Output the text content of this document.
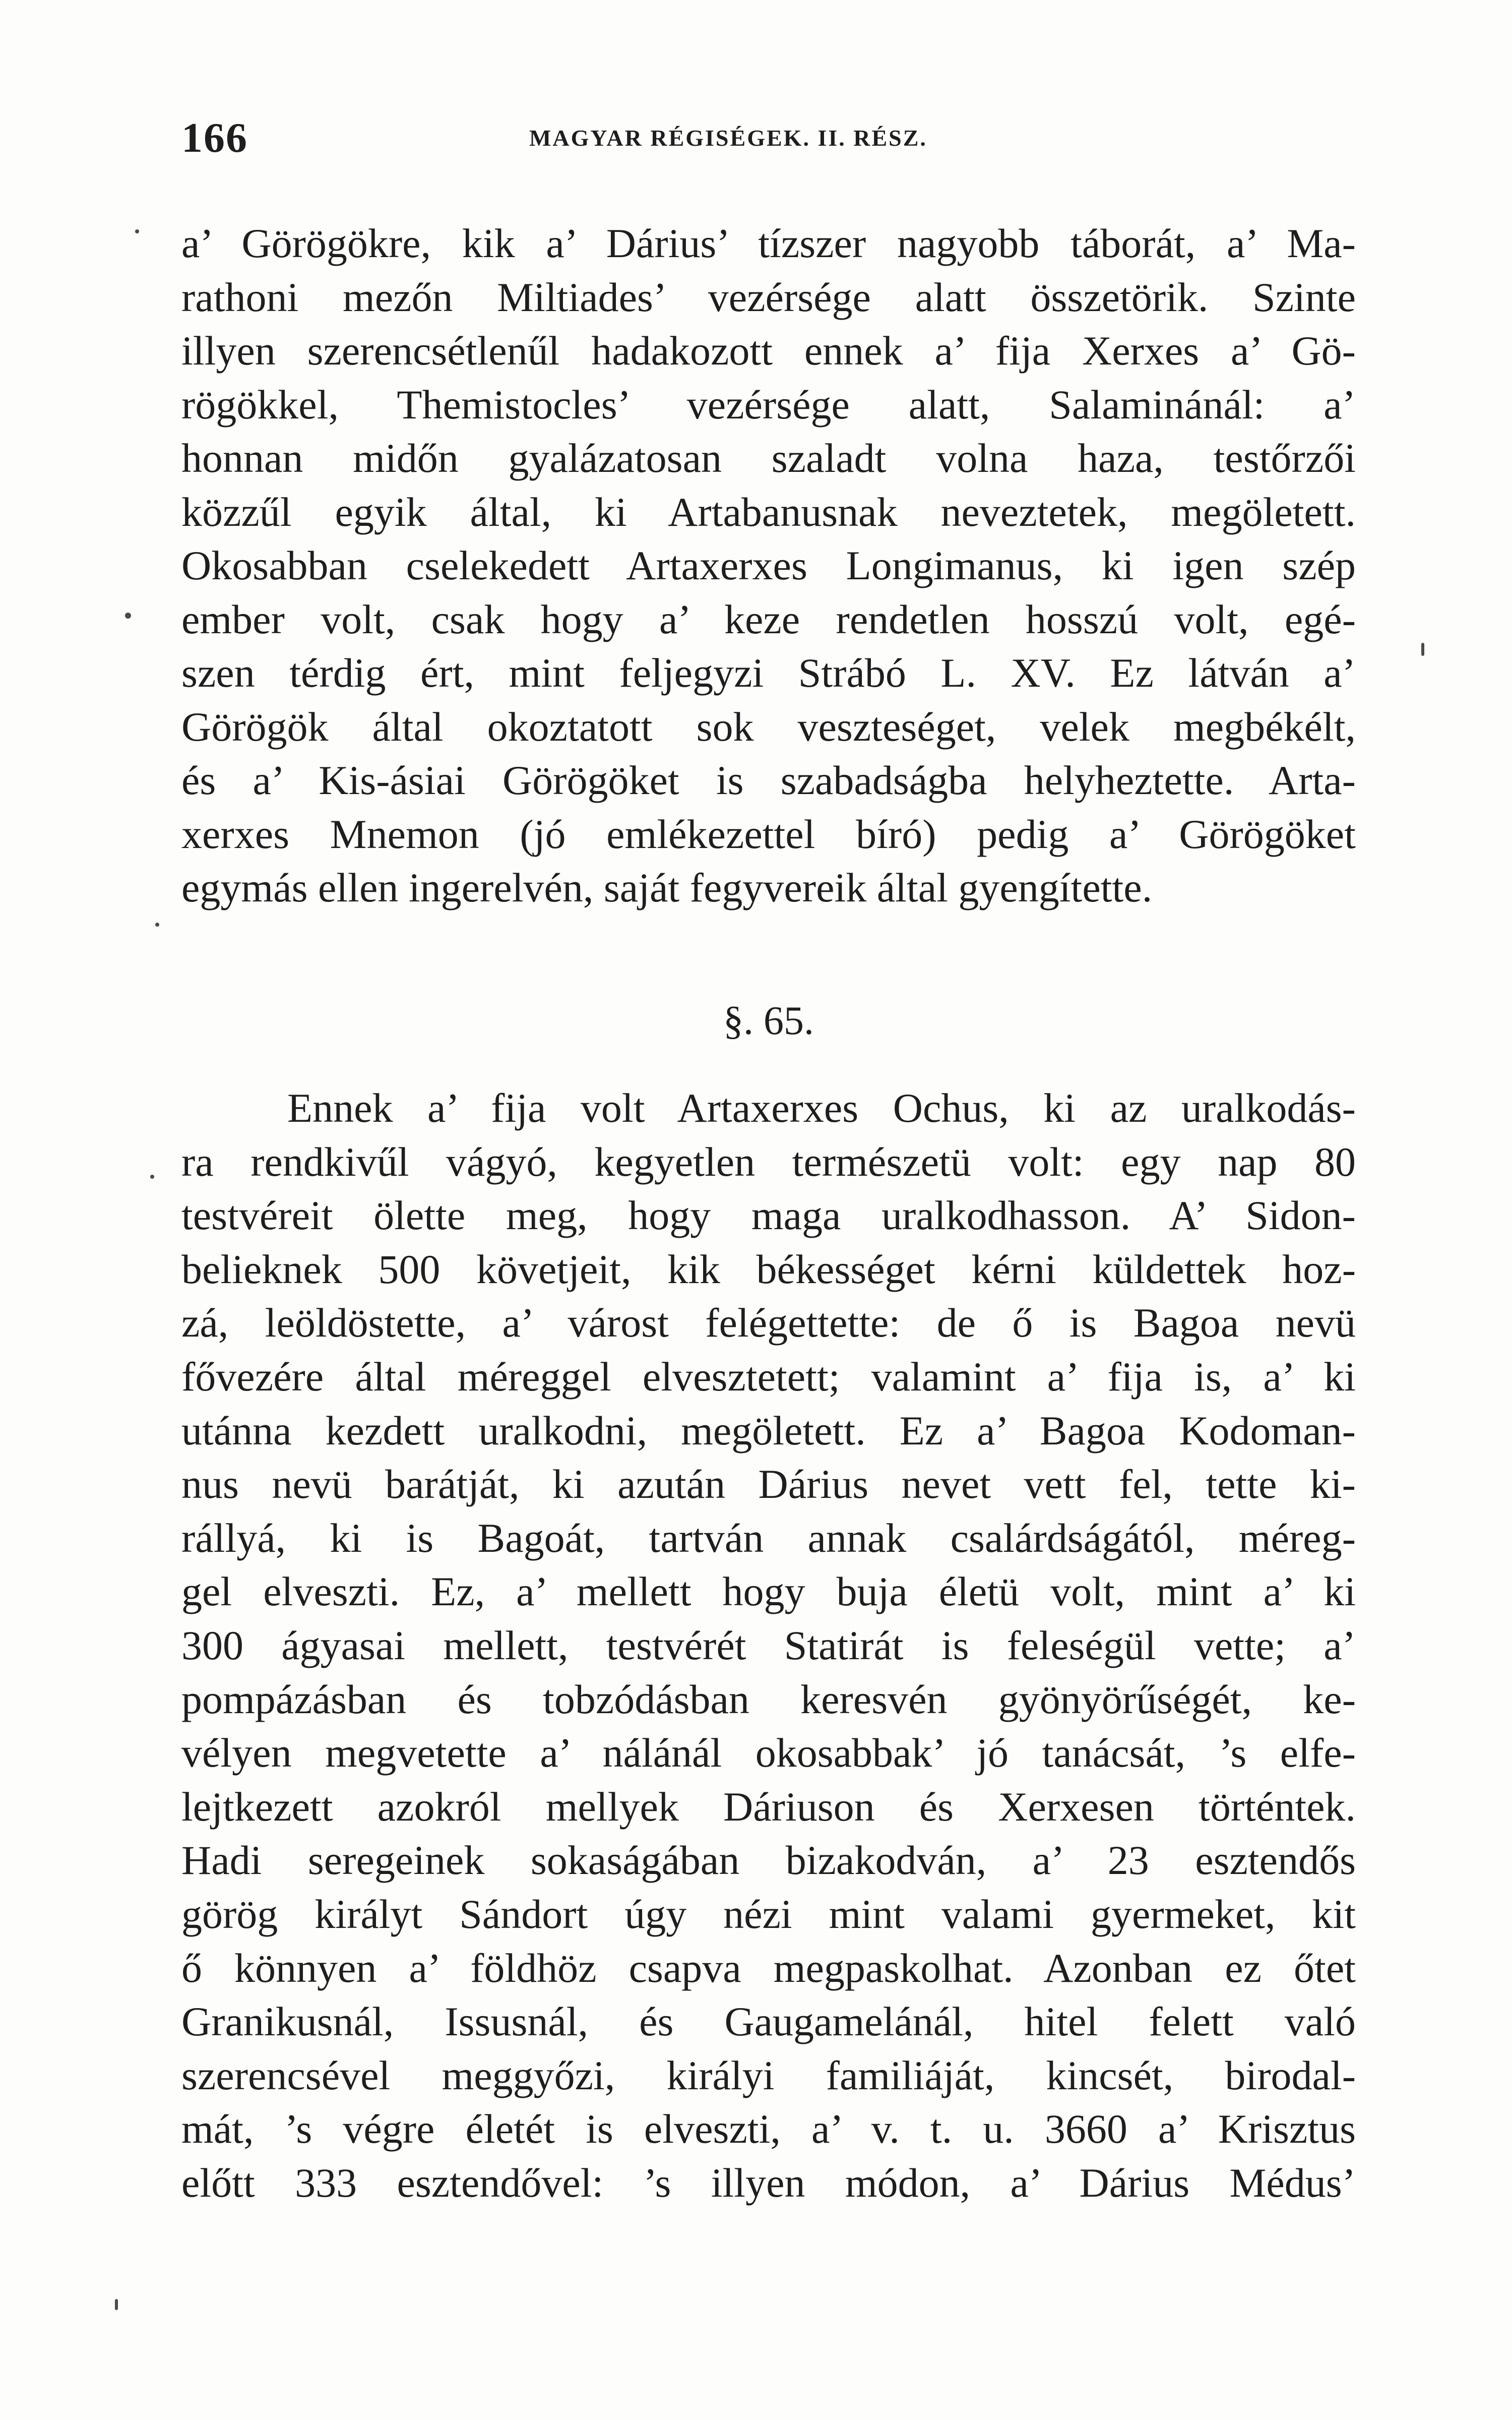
166	MAGYAR RÉGISÉGEK. II. RÉSZ.
a’ Görögökre, kik a’ Dárius’ tízszer nagyobb táborát, a’ Ma-
rathoni mezőn Miltiades’ vezérsége alatt összetörik. Szinte
illyen szerencsétlenűl hadakozott ennek a’ fija Xerxes a’ Gö-
rögökkel, Themistocles’ vezérsége alatt, Salaminánál: a’
honnan midőn gyalázatosan szaladt volna haza, testőrzői
közzűl egyik által, ki Artabanusnak neveztetek, megöletett.
Okosabban cselekedett Artaxerxes Longimanus, ki igen szép
ember volt, csak hogy a’ keze rendetlen hosszú volt, egé-
szen térdig ért, mint feljegyzi Strábó L. XV. Ez látván a’
Görögök által okoztatott sok veszteséget, velek megbékélt,
és a’ Kis-ásiai Görögöket is szabadságba helyheztette. Arta-
xerxes Mnemon (jó emlékezettel bíró) pedig a’ Görögöket
egymás ellen ingerelvén, saját fegyvereik által gyengítette.
§. 65.
Ennek a’ fija volt Artaxerxes Ochus, ki az uralkodás-
ra rendkivűl vágyó, kegyetlen természetü volt: egy nap 80
testvéreit ölette meg, hogy maga uralkodhasson. A’ Sidon-
belieknek 500 követjeit, kik békességet kérni küldettek hoz-
zá, leöldöstette, a’ várost felégettette: de ő is Bagoa nevü
fővezére által méreggel elvesztetett; valamint a’ fija is, a’ ki
utánna kezdett uralkodni, megöletett. Ez a’ Bagoa Kodoman-
nus nevü barátját, ki azután Dárius nevet vett fel, tette ki-
rállyá, ki is Bagoát, tartván annak csalárdságától, méreg-
gel elveszti. Ez, a’ mellett hogy buja életü volt, mint a’ ki
300 ágyasai mellett, testvérét Statirát is feleségül vette; a’
pompázásban és tobzódásban keresvén gyönyörűségét, ke-
vélyen megvetette a’ nálánál okosabbak’ jó tanácsát, ’s elfe-
lejtkezett azokról mellyek Dáriuson és Xerxesen történtek.
Hadi seregeinek sokaságában bizakodván, a’ 23 esztendős
görög királyt Sándort úgy nézi mint valami gyermeket, kit
ő könnyen a’ földhöz csapva megpaskolhat. Azonban ez őtet
Granikusnál, Issusnál, és Gaugamelánál, hitel felett való
szerencsével meggyőzi, királyi familiáját, kincsét, birodal-
mát, ’s végre életét is elveszti, a’ v. t. u. 3660 a’ Krisztus
előtt 333 esztendővel: ’s illyen módon, a’ Dárius Médus’
